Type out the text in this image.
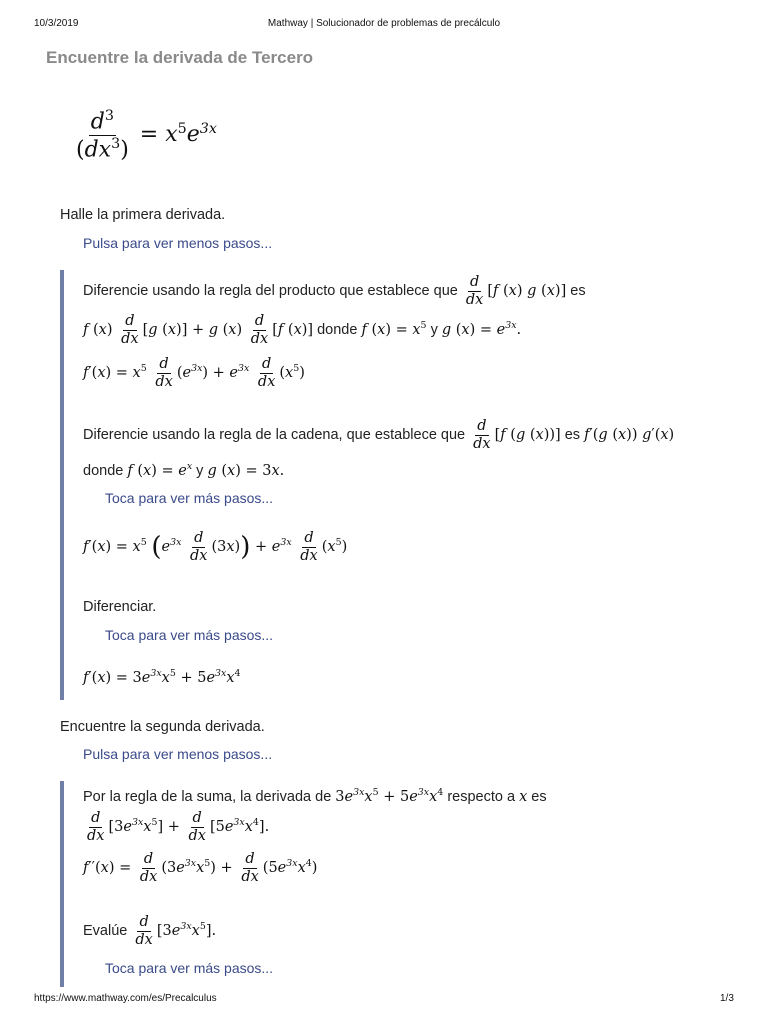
10/3/2019	Mathway | Solucionador de problemas de precálculo
https://www.mathway.com/es/Precalculus	1/3
Encuentre la derivada de Tercero
$\frac{d^3}{(dx^3)} = x^5e^{3x}$
Halle la primera derivada.
Pulsa para ver menos pasos...
Diferencie usando la regla del producto que establece que $\frac{d}{dx} [f$ (x) g (x)] es
f $(x) \frac{d}{dx} [g$ (x)] + g $(x) \frac{d}{dx} [f$ (x)] donde f $(x) = x^5$ y g $(x) = e^{3x}$.
$f'(x) = x^5 \frac{d}{dx} (e^{3x}) + e^{3x} \frac{d}{dx} (x^5)$
Diferencie usando la regla de la cadena, que establece que $\frac{d}{dx} [f$ (g (x))] es f′(g (x)) g′(x)
donde f $(x) = e^x$ y g (x) = 3x.
Toca para ver más pasos...
$f'(x) = x^5$ $(e^{3x} \frac{d}{dx} (3x)) + e^{3x} \frac{d}{dx} (x^5)$
Diferenciar.
Toca para ver más pasos...
$f'(x) = 3e^{3x}x^5 + 5e^{3x}x^4$
Encuentre la segunda derivada.
Pulsa para ver menos pasos...
Por la regla de la suma, la derivada de $3e^{3x}x^5 + 5e^{3x}x^4$ respecto a x es
$\frac{d}{dx} [3e^{3x}x^5] + \frac{d}{dx} [5e^{3x}x^4]$.
$f''(x) = \frac{d}{dx} (3e^{3x}x^5) + \frac{d}{dx} (5e^{3x}x^4)$
Evalúe $\frac{d}{dx} [3e^{3x}x^5]$.
Toca para ver más pasos...
